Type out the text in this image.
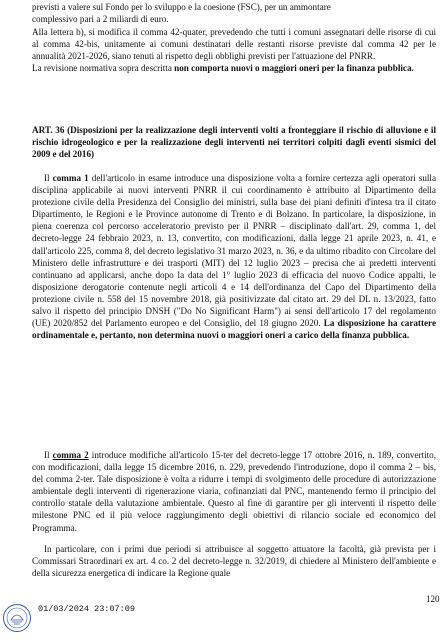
previsti a valere sul Fondo per lo sviluppo e la coesione (FSC), per un ammontare
complessivo pari a 2 miliardi di euro.

Alla lettera b), si modifica il comma 42-quater, prevedendo che tutti i comuni assegnatari delle risorse di cui al comma 42-bis, unitamente ai comuni destinatari delle restanti risorse previste dal comma 42 per le annualità 2021-2026, siano tenuti al rispetto degli obblighi previsti per l'attuazione del PNRR.

La revisione normativa sopra descritta non comporta nuovi o maggiori oneri per la finanza pubblica.

ART. 36 (Disposizioni per la realizzazione degli interventi volti a fronteggiare il rischio di alluvione e il rischio idrogeologico e per la realizzazione degli interventi nei territori colpiti dagli eventi sismici del 2009 e del 2016)

Il comma 1 dell'articolo in esame introduce una disposizione volta a fornire certezza agli operatori sulla disciplina applicabile ai nuovi interventi PNRR il cui coordinamento è attribuito al Dipartimento della protezione civile della Presidenza del Consiglio dei ministri, sulla base dei piani definiti d'intesa tra il citato Dipartimento, le Regioni e le Province autonome di Trento e di Bolzano. In particolare, la disposizione, in piena coerenza col percorso acceleratorio previsto per il PNRR – disciplinato dall'art. 29, comma 1, del decreto-legge 24 febbraio 2023, n. 13, convertito, con modificazioni, dalla legge 21 aprile 2023, n. 41, e dall'articolo 225, comma 8, del decreto legislativo 31 marzo 2023, n. 36, e da ultimo ribadito con Circolare del Ministero delle infrastrutture e dei trasporti (MIT) del 12 luglio 2023 – precisa che ai predetti interventi continuano ad applicarsi, anche dopo la data del 1° luglio 2023 di efficacia del nuovo Codice appalti, le disposizione derogatorie contenute negli articoli 4 e 14 dell'ordinanza del Capo del Dipartimento della protezione civile n. 558 del 15 novembre 2018, già positivizzate dal citato art. 29 del DL n. 13/2023, fatto salvo il rispetto del principio DNSH ("Do No Significant Harm") ai sensi dell'articolo 17 del regolamento (UE) 2020/852 del Parlamento europeo e del Consiglio, del 18 giugno 2020. La disposizione ha carattere ordinamentale e, pertanto, non determina nuovi o maggiori oneri a carico della finanza pubblica.

Il comma 2 introduce modifiche all'articolo 15-ter del decreto-legge 17 ottobre 2016, n. 189, convertito, con modificazioni, dalla legge 15 dicembre 2016, n. 229, prevedendo l'introduzione, dopo il comma 2 – bis, del comma 2-ter. Tale disposizione è volta a ridurre i tempi di svolgimento delle procedure di autorizzazione ambientale degli interventi di rigenerazione viaria, cofinanziati dal PNC, mantenendo fermo il principio del controllo statale della valutazione ambientale. Questo al fine di garantire per gli interventi il rispetto delle milestone PNC ed il più veloce raggiungimento degli obiettivi di rilancio sociale ed economico del Programma.

In particolare, con i primi due periodi si attribuisce al soggetto attuatore la facoltà, già prevista per i Commissari Straordinari ex art. 4 co. 2 del decreto-legge n. 32/2019, di chiedere al Ministero dell'ambiente e della sicurezza energetica di indicare la Regione quale

01/03/2024 23:07:09
120
